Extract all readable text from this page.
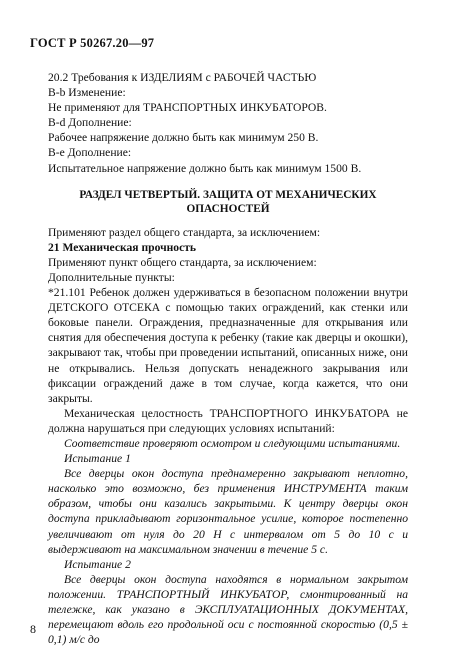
ГОСТ Р 50267.20—97

20.2 Требования к ИЗДЕЛИЯМ с РАБОЧЕЙ ЧАСТЬЮ

В-b Изменение:

Не применяют для ТРАНСПОРТНЫХ ИНКУБАТОРОВ.

В-d Дополнение:

Рабочее напряжение должно быть как минимум 250 В.

В-е Дополнение:

Испытательное напряжение должно быть как минимум 1500 В.

РАЗДЕЛ ЧЕТВЕРТЫЙ. ЗАЩИТА ОТ МЕХАНИЧЕСКИХ

ОПАСНОСТЕЙ

Применяют раздел общего стандарта, за исключением:

21 Механическая прочность

Применяют пункт общего стандарта, за исключением:

Дополнительные пункты:

*21.101 Ребенок должен удерживаться в безопасном положении внутри ДЕТСКОГО ОТСЕКА с помощью таких ограждений, как стенки или боковые панели. Ограждения, предназначенные для открывания или снятия для обеспечения доступа к ребенку (такие как дверцы и окошки), закрывают так, чтобы при проведении испытаний, описанных ниже, они не открывались. Нельзя допускать ненадежного закрывания или фиксации ограждений даже в том случае, когда кажется, что они закрыты.

Механическая целостность ТРАНСПОРТНОГО ИНКУБАТОРА не должна нарушаться при следующих условиях испытаний:

Соответствие проверяют осмотром и следующими испытаниями.

Испытание 1

Все дверцы окон доступа преднамеренно закрывают неплотно, насколько это возможно, без применения ИНСТРУМЕНТА таким образом, чтобы они казались закрытыми. К центру дверцы окон доступа прикладывают горизонтальное усилие, которое постепенно увеличивают от нуля до 20 Н с интервалом от 5 до 10 с и выдерживают на максимальном значении в течение 5 с.

Испытание 2

Все дверцы окон доступа находятся в нормальном закрытом положении. ТРАНСПОРТНЫЙ ИНКУБАТОР, смонтированный на тележке, как указано в ЭКСПЛУАТАЦИОННЫХ ДОКУМЕНТАХ, перемещают вдоль его продольной оси с постоянной скоростью (0,5 ± 0,1) м/с до

8
